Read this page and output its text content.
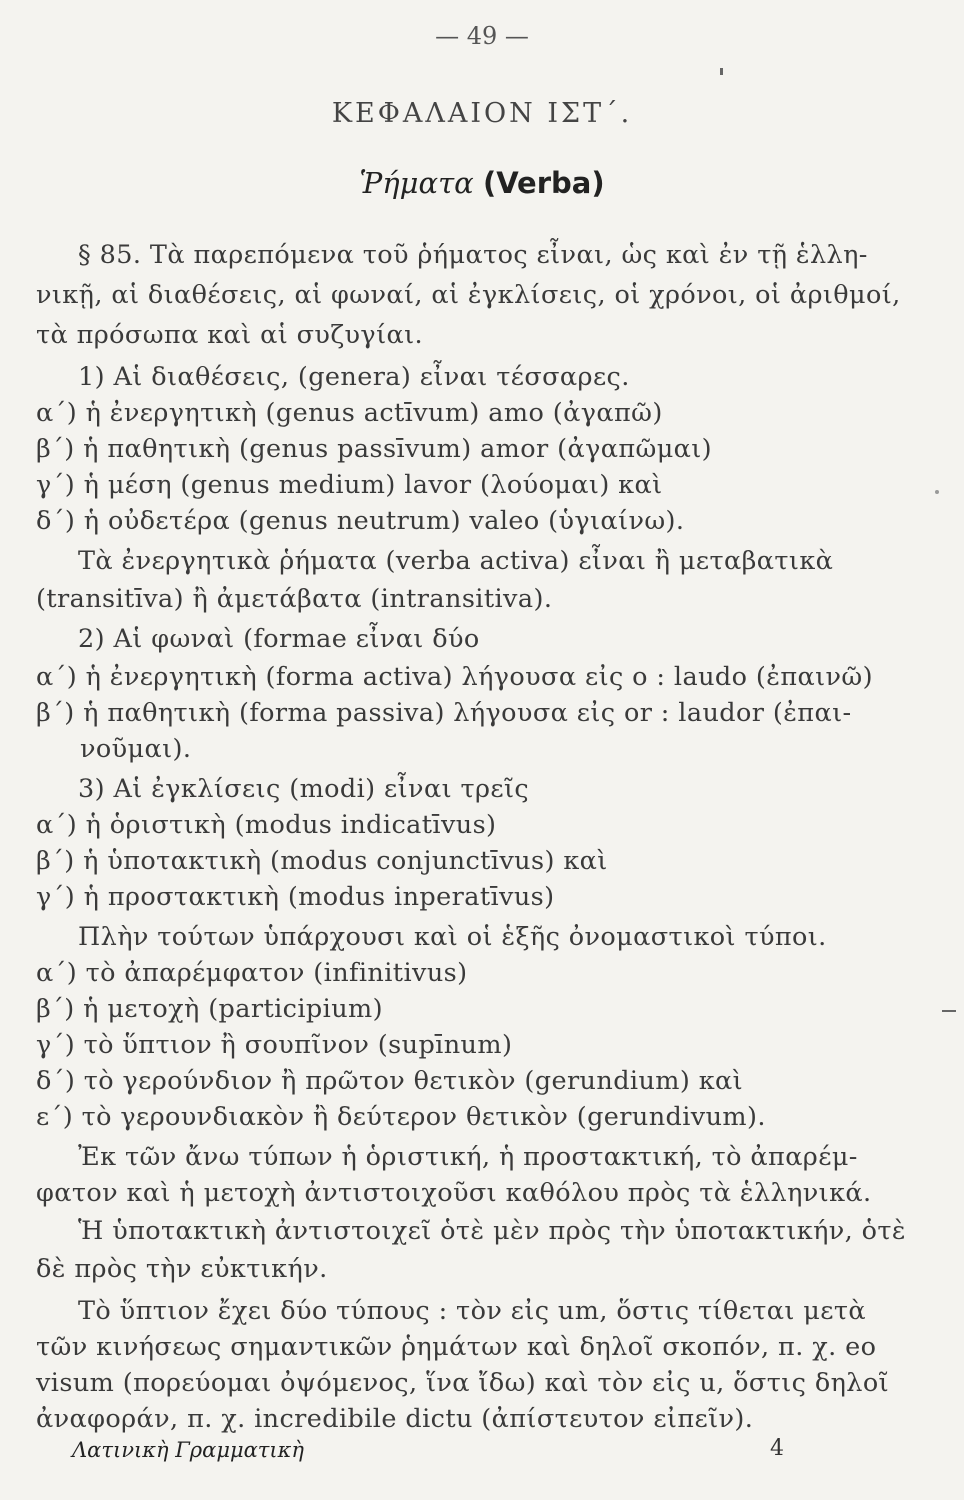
— 49 —
ΚΕΦΑΛΑΙΟΝ ΙΣΤ΄.
Ῥήματα (Verba)
§ 85. Τὰ παρεπόμενα τοῦ ῥήματος εἶναι, ὡς καὶ ἐν τῇ ἑλλη-
νικῇ, αἱ διαθέσεις, αἱ φωναί, αἱ ἐγκλίσεις, οἱ χρόνοι, οἱ ἀριθμοί,
τὰ πρόσωπα καὶ αἱ συζυγίαι.
1) Αἱ διαθέσεις, (genera) εἶναι τέσσαρες.
α΄) ἡ ἐνεργητικὴ (genus actīvum) amo (ἀγαπῶ)
β΄) ἡ παθητικὴ (genus passīvum) amor (ἀγαπῶμαι)
γ΄) ἡ μέση (genus medium) lavor (λούομαι) καὶ
δ΄) ἡ οὐδετέρα (genus neutrum) valeo (ὑγιαίνω).
Τὰ ἐνεργητικὰ ῥήματα (verba activa) εἶναι ἢ μεταβατικὰ
(transitīva) ἢ ἀμετάβατα (intransitiva).
2) Αἱ φωναὶ (formae εἶναι δύο
α΄) ἡ ἐνεργητικὴ (forma activa) λήγουσα εἰς o : laudo (ἐπαινῶ)
β΄) ἡ παθητικὴ (forma passiva) λήγουσα εἰς or : laudor (ἐπαι-
νοῦμαι).
3) Αἱ ἐγκλίσεις (modi) εἶναι τρεῖς
α΄) ἡ ὁριστικὴ (modus indicatīvus)
β΄) ἡ ὑποτακτικὴ (modus conjunctīvus) καὶ
γ΄) ἡ προστακτικὴ (modus inperatīvus)
Πλὴν τούτων ὑπάρχουσι καὶ οἱ ἑξῆς ὀνομαστικοὶ τύποι.
α΄) τὸ ἀπαρέμφατον (infinitivus)
β΄) ἡ μετοχὴ (participium)
γ΄) τὸ ὕπτιον ἢ σουπῖνον (supīnum)
δ΄) τὸ γερούνδιον ἢ πρῶτον θετικὸν (gerundium) καὶ
ε΄) τὸ γερουνδιακὸν ἢ δεύτερον θετικὸν (gerundivum).
Ἐκ τῶν ἄνω τύπων ἡ ὁριστική, ἡ προστακτική, τὸ ἀπαρέμ-
φατον καὶ ἡ μετοχὴ ἀντιστοιχοῦσι καθόλου πρὸς τὰ ἑλληνικά.
Ἡ ὑποτακτικὴ ἀντιστοιχεῖ ὁτὲ μὲν πρὸς τὴν ὑποτακτικήν, ὁτὲ
δὲ πρὸς τὴν εὐκτικήν.
Τὸ ὕπτιον ἔχει δύο τύπους : τὸν εἰς um, ὅστις τίθεται μετὰ
τῶν κινήσεως σημαντικῶν ῥημάτων καὶ δηλοῖ σκοπόν, π. χ. eo
visum (πορεύομαι ὀψόμενος, ἵνα ἴδω) καὶ τὸν εἰς u, ὅστις δηλοῖ
ἀναφοράν, π. χ. incredibile dictu (ἀπίστευτον εἰπεῖν).
Λατινικὴ Γραμματικὴ	4
